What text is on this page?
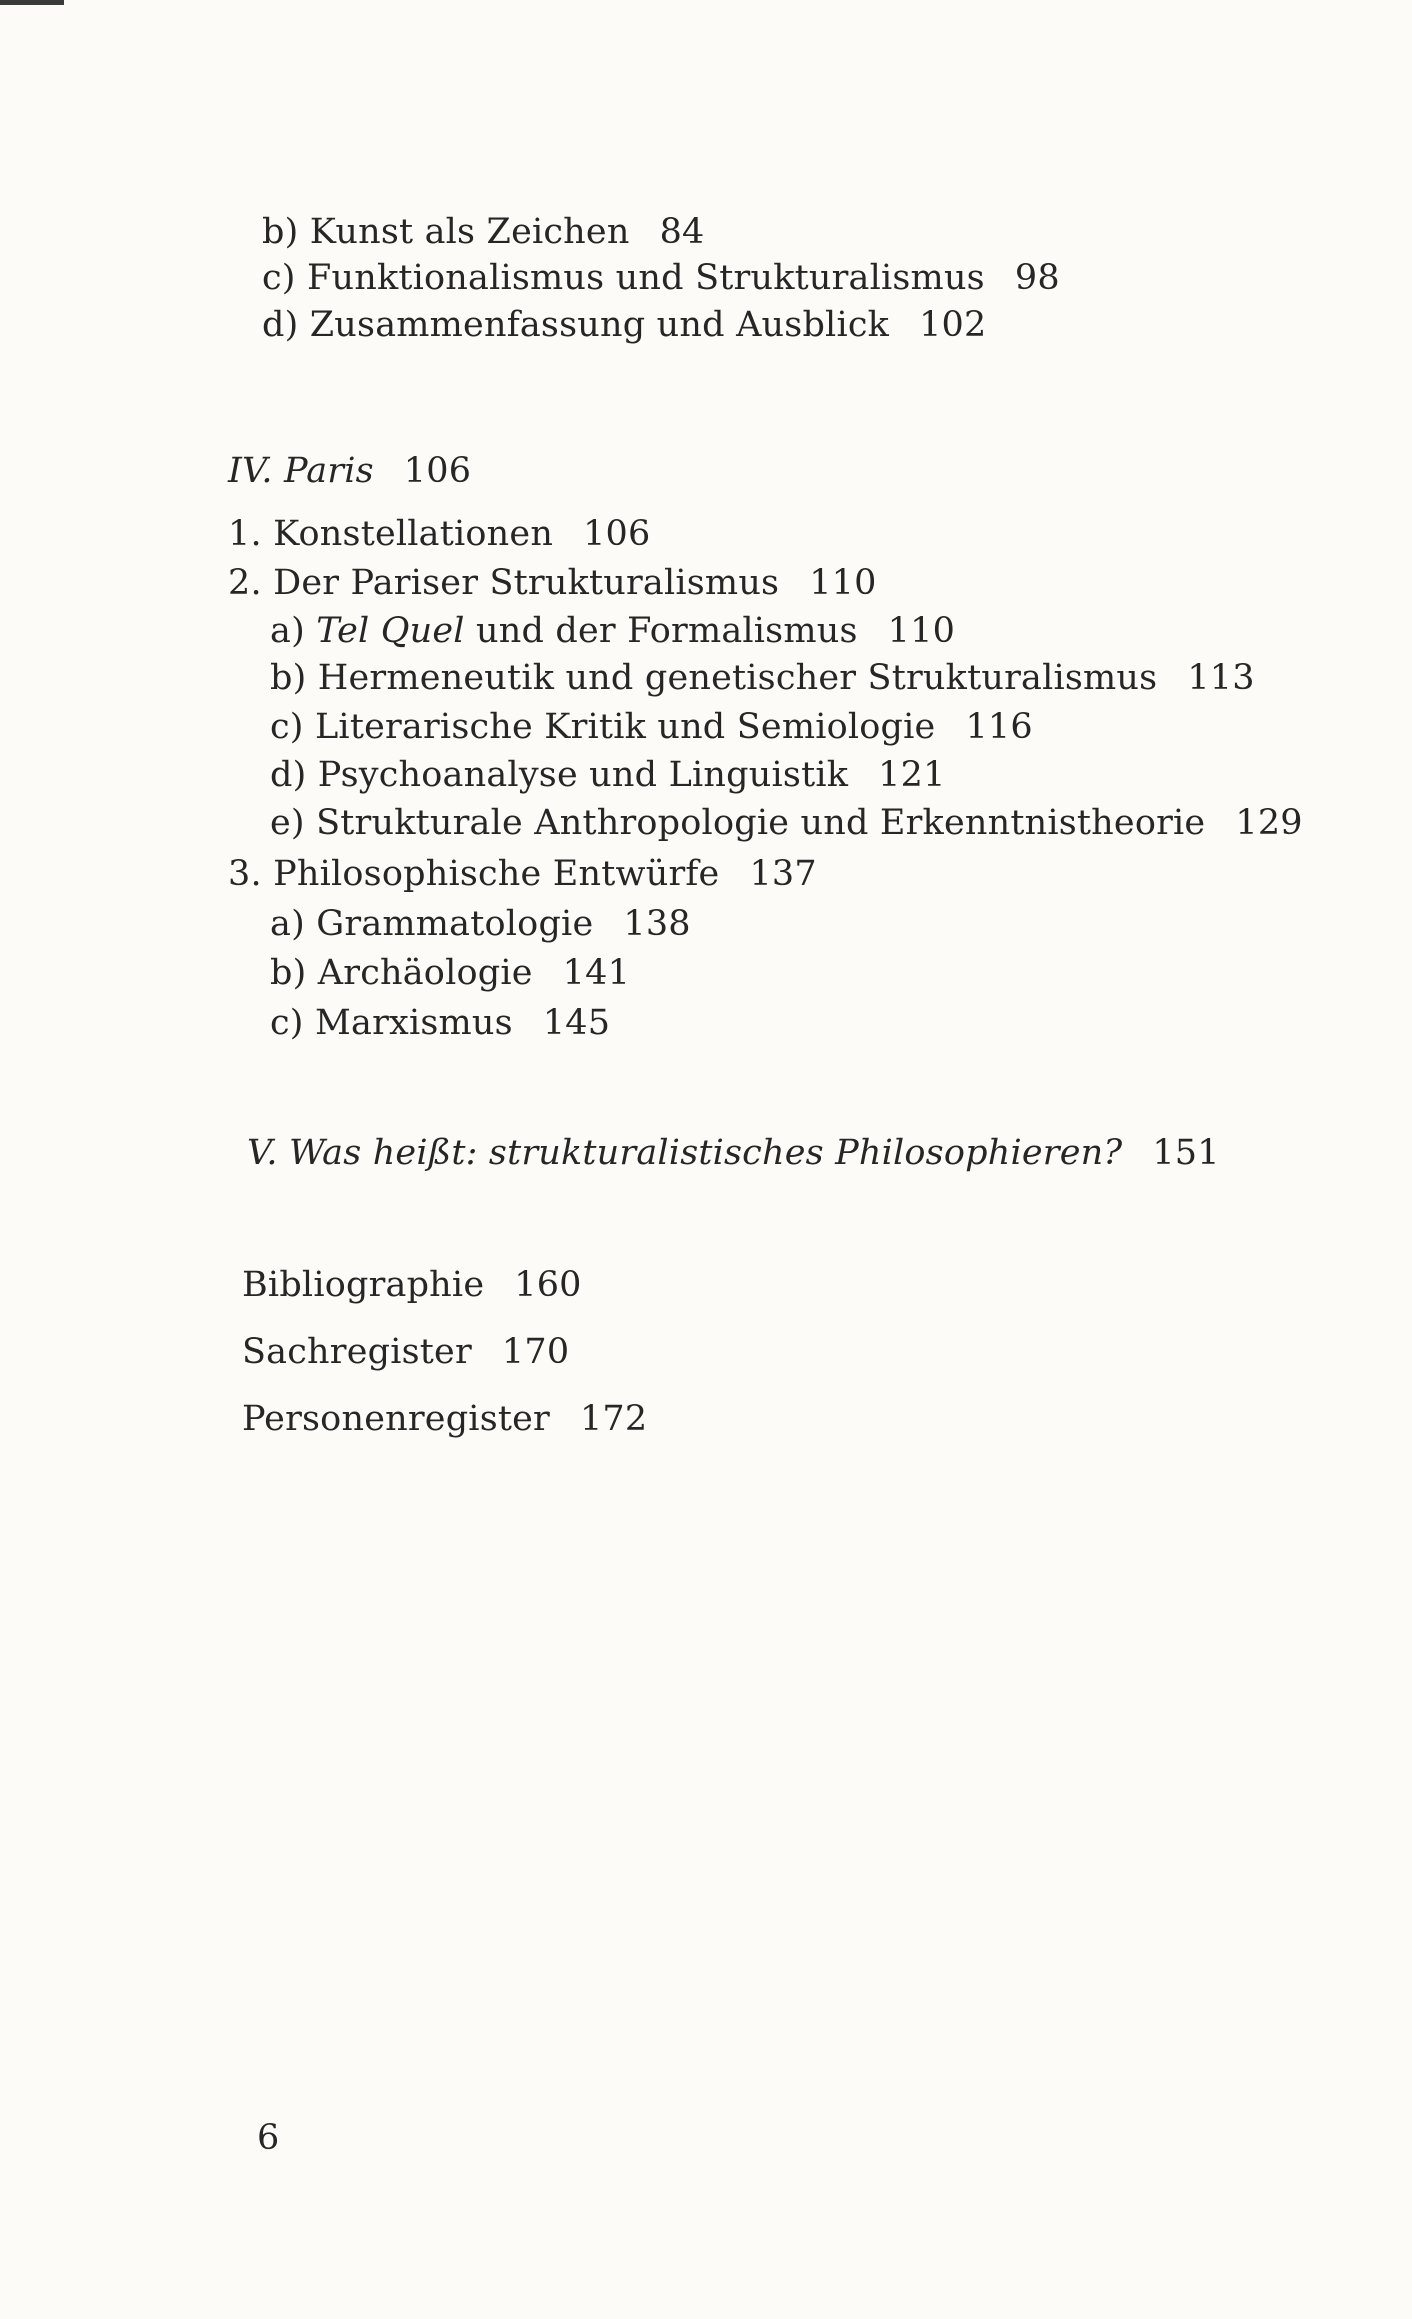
b) Kunst als Zeichen 84
c) Funktionalismus und Strukturalismus 98
d) Zusammenfassung und Ausblick 102
IV. Paris 106
1. Konstellationen 106
2. Der Pariser Strukturalismus 110
a) Tel Quel und der Formalismus 110
b) Hermeneutik und genetischer Strukturalismus 113
c) Literarische Kritik und Semiologie 116
d) Psychoanalyse und Linguistik 121
e) Strukturale Anthropologie und Erkenntnistheorie 129
3. Philosophische Entwürfe 137
a) Grammatologie 138
b) Archäologie 141
c) Marxismus 145
V. Was heißt: strukturalistisches Philosophieren? 151
Bibliographie 160
Sachregister 170
Personenregister 172
6
